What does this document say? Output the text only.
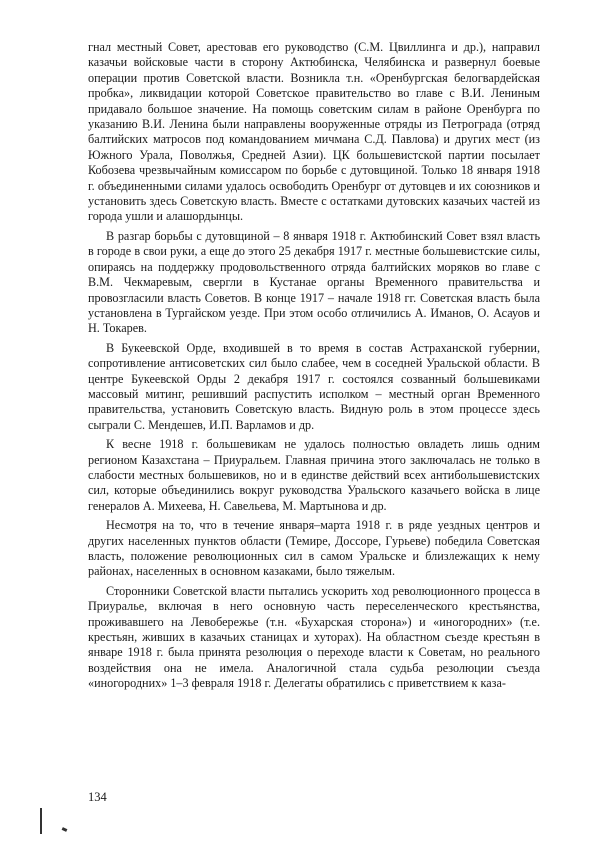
гнал местный Совет, арестовав его руководство (С.М. Цвиллинга и др.), направил казачьи войсковые части в сторону Актюбинска, Челябинска и развернул боевые операции против Советской власти. Возникла т.н. «Оренбургская белогвардейская пробка», ликвидации которой Советское правительство во главе с В.И. Лениным придавало большое значение. На помощь советским силам в районе Оренбурга по указанию В.И. Ленина были направлены вооруженные отряды из Петрограда (отряд балтийских матросов под командованием мичмана С.Д. Павлова) и других мест (из Южного Урала, Поволжья, Средней Азии). ЦК большевистской партии посылает Кобозева чрезвычайным комиссаром по борьбе с дутовщиной. Только 18 января 1918 г. объединенными силами удалось освободить Оренбург от дутовцев и их союзников и установить здесь Советскую власть. Вместе с остатками дутовских казачьих частей из города ушли и алашордынцы.

В разгар борьбы с дутовщиной – 8 января 1918 г. Актюбинский Совет взял власть в городе в свои руки, а еще до этого 25 декабря 1917 г. местные большевистские силы, опираясь на поддержку продовольственного отряда балтийских моряков во главе с В.М. Чекмаревым, свергли в Кустанае органы Временного правительства и провозгласили власть Советов. В конце 1917 – начале 1918 гг. Советская власть была установлена в Тургайском уезде. При этом особо отличились А. Иманов, О. Асауов и Н. Токарев.

В Букеевской Орде, входившей в то время в состав Астраханской губернии, сопротивление антисоветских сил было слабее, чем в соседней Уральской области. В центре Букеевской Орды 2 декабря 1917 г. состоялся созванный большевиками массовый митинг, решивший распустить исполком – местный орган Временного правительства, установить Советскую власть. Видную роль в этом процессе здесь сыграли С. Мендешев, И.П. Варламов и др.

К весне 1918 г. большевикам не удалось полностью овладеть лишь одним регионом Казахстана – Приуральем. Главная причина этого заключалась не только в слабости местных большевиков, но и в единстве действий всех антибольшевистских сил, которые объединились вокруг руководства Уральского казачьего войска в лице генералов А. Михеева, Н. Савельева, М. Мартынова и др.

Несмотря на то, что в течение января–марта 1918 г. в ряде уездных центров и других населенных пунктов области (Темире, Доссоре, Гурьеве) победила Советская власть, положение революционных сил в самом Уральске и близлежащих к нему районах, населенных в основном казаками, было тяжелым.

Сторонники Советской власти пытались ускорить ход революционного процесса в Приуралье, включая в него основную часть переселенческого крестьянства, проживавшего на Левобережье (т.н. «Бухарская сторона») и «иногородних» (т.е. крестьян, живших в казачьих станицах и хуторах). На областном съезде крестьян в январе 1918 г. была принята резолюция о переходе власти к Советам, но реального воздействия она не имела. Аналогичной стала судьба резолюции съезда «иногородних» 1–3 февраля 1918 г. Делегаты обратились с приветствием к каза-

134
